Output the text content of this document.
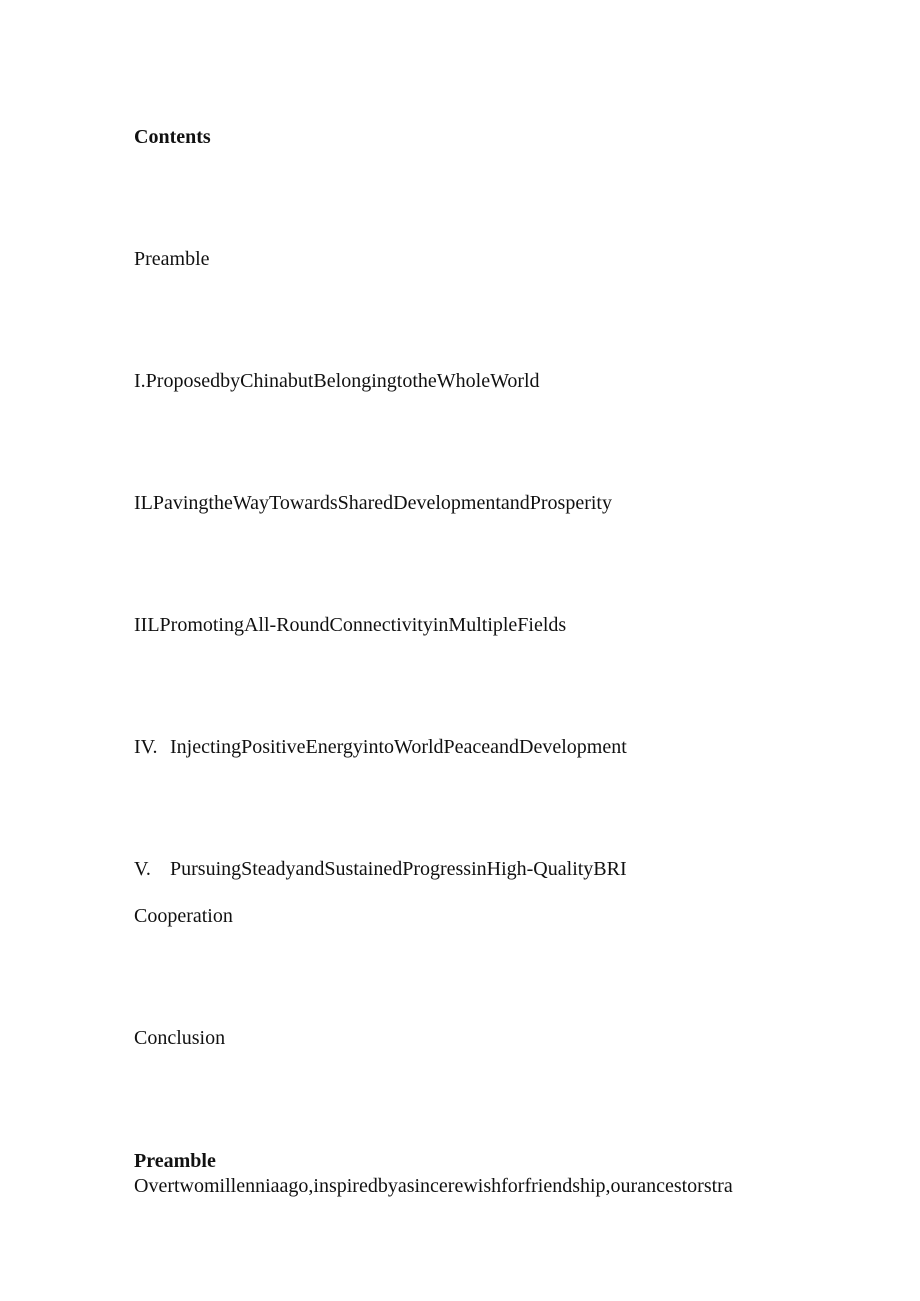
Contents
Preamble
I.ProposedbyChinabutBelongingtotheWholeWorld
ILPavingtheWayTowardsSharedDevelopmentandProsperity
IILPromotingAll-RoundConnectivityinMultipleFields
IV. InjectingPositiveEnergyintoWorldPeaceandDevelopment
V. PursuingSteadyandSustainedProgressinHigh-QualityBRI
Cooperation
Conclusion
Preamble
Overtwomillenniaago,inspiredbyasincerewishforfriendship,ourancestorstra
